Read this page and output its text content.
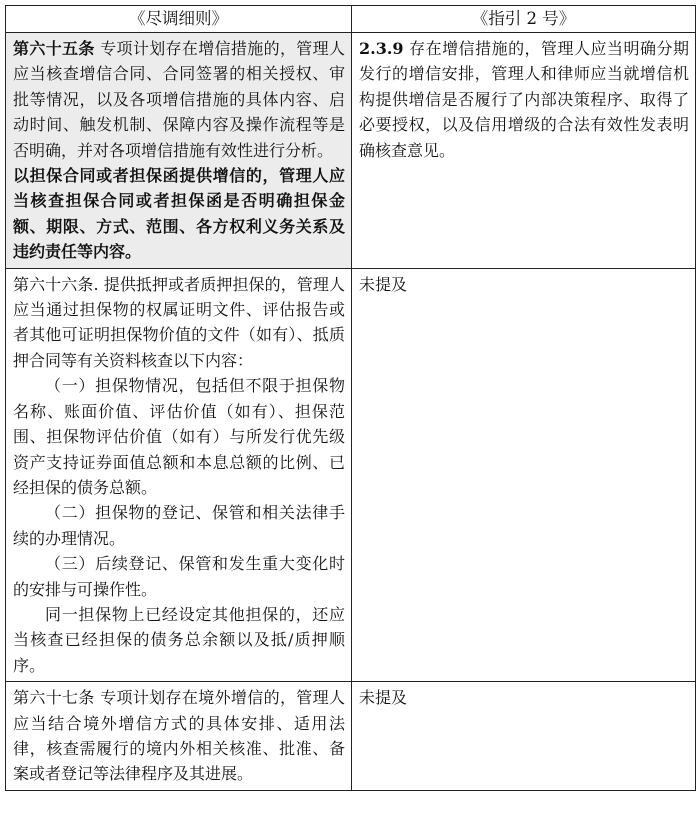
《尽调细则》	《指引 2 号》

第六十五条 专项计划存在增信措施的，管理人应当核查增信合同、合同签署的相关授权、审批等情况，以及各项增信措施的具体内容、启动时间、触发机制、保障内容及操作流程等是否明确，并对各项增信措施有效性进行分析。

以担保合同或者担保函提供增信的，管理人应当核查担保合同或者担保函是否明确担保金额、期限、方式、范围、各方权利义务关系及违约责任等内容。	2.3.9 存在增信措施的，管理人应当明确分期发行的增信安排，管理人和律师应当就增信机构提供增信是否履行了内部决策程序、取得了必要授权，以及信用增级的合法有效性发表明确核查意见。

第六十六条. 提供抵押或者质押担保的，管理人应当通过担保物的权属证明文件、评估报告或者其他可证明担保物价值的文件（如有）、抵质押合同等有关资料核查以下内容：

（一）担保物情况，包括但不限于担保物名称、账面价值、评估价值（如有）、担保范围、担保物评估价值（如有）与所发行优先级资产支持证券面值总额和本息总额的比例、已经担保的债务总额。

（二）担保物的登记、保管和相关法律手续的办理情况。

（三）后续登记、保管和发生重大变化时的安排与可操作性。

同一担保物上已经设定其他担保的，还应当核查已经担保的债务总余额以及抵/质押顺序。	未提及

第六十七条 专项计划存在境外增信的，管理人应当结合境外增信方式的具体安排、适用法律，核查需履行的境内外相关核准、批准、备案或者登记等法律程序及其进展。	未提及
